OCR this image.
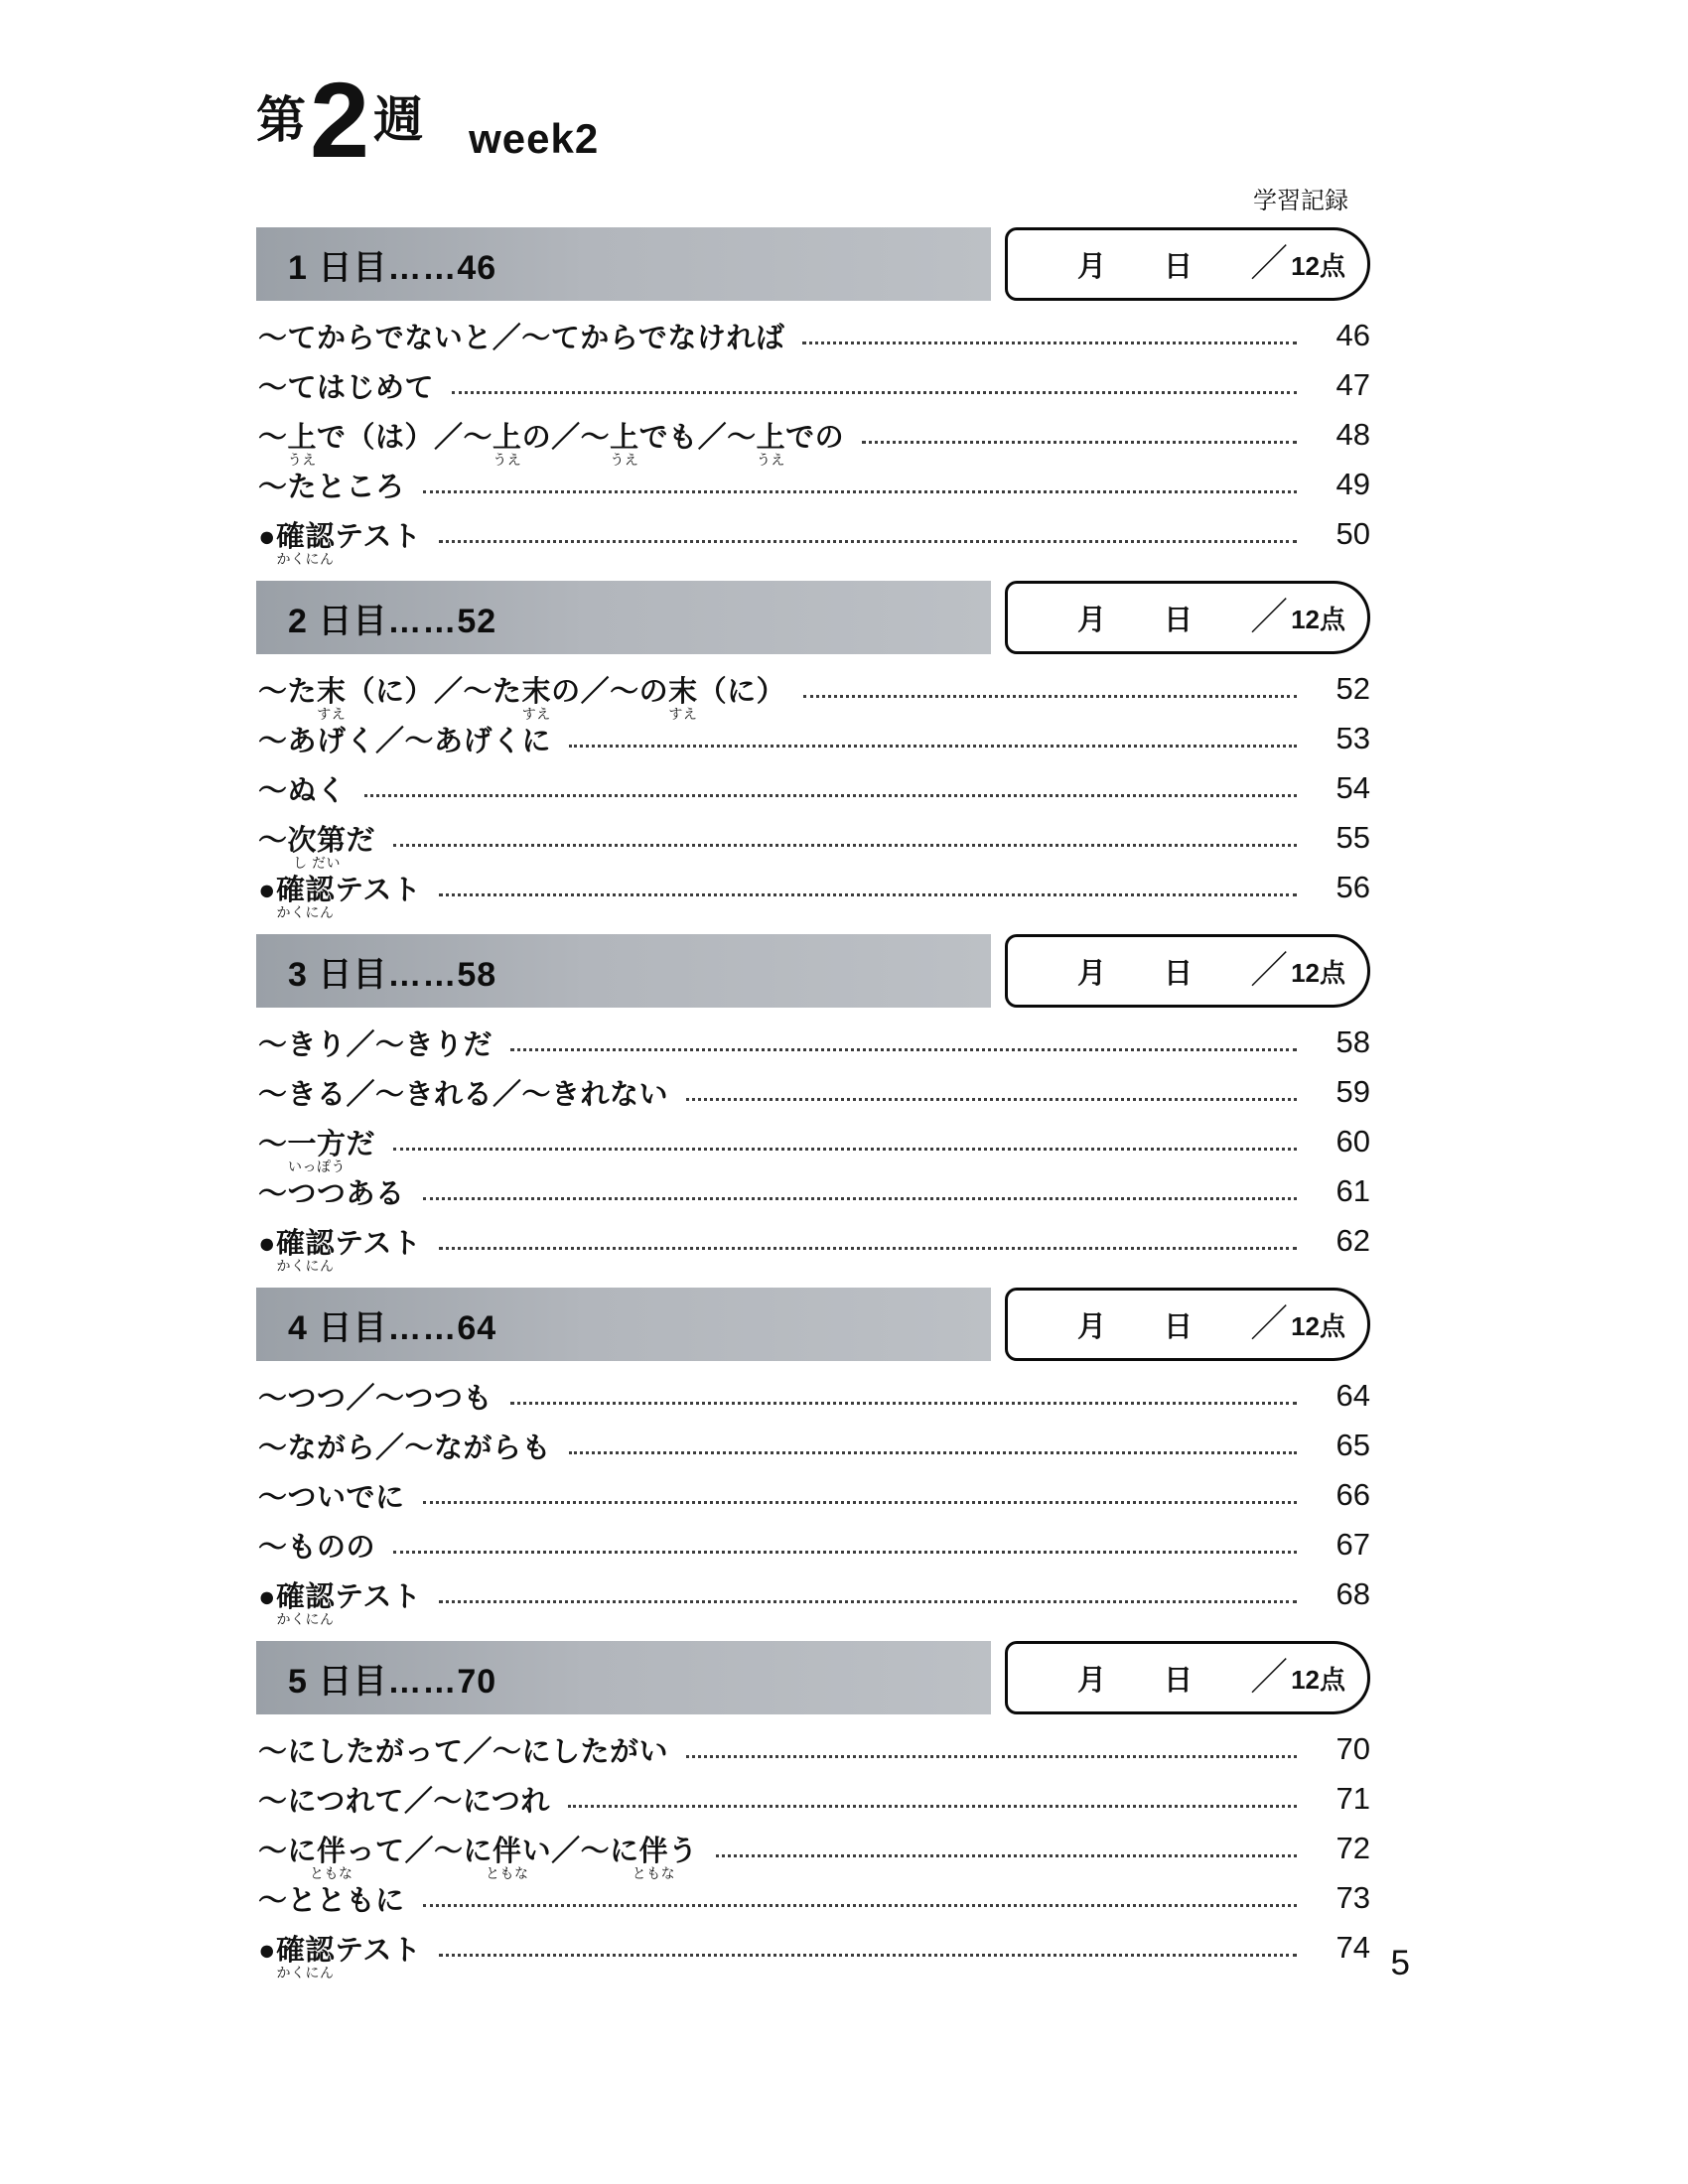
第 2 週 week2
学習記録
1 日目……46	月 日 ／ 12点
～てからでないと／～てからでなければ	46
～てはじめて	47
～上
うえ
で（は）／～上
うえ
の／～上
うえ
でも／～上
うえ
での	48
～たところ	49
●確認
かくにん
テスト	50
2 日目……52	月 日 ／ 12点
～た末
すえ
（に）／～た末
すえ
の／～の末
すえ
（に）	52
～あげく／～あげくに	53
～ぬく	54
～次第
し だい
だ	55
●確認
かくにん
テスト	56
3 日目……58	月 日 ／ 12点
～きり／～きりだ	58
～きる／～きれる／～きれない	59
～一方
いっぽう
だ	60
～つつある	61
●確認
かくにん
テスト	62
4 日目……64	月 日 ／ 12点
～つつ／～つつも	64
～ながら／～ながらも	65
～ついでに	66
～ものの	67
●確認
かくにん
テスト	68
5 日目……70	月 日 ／ 12点
～にしたがって／～にしたがい	70
～につれて／～につれ	71
～に伴
ともな
って／～に伴
ともな
い／～に伴
ともな
う	72
～とともに	73
●確認
かくにん
テスト	74 5
